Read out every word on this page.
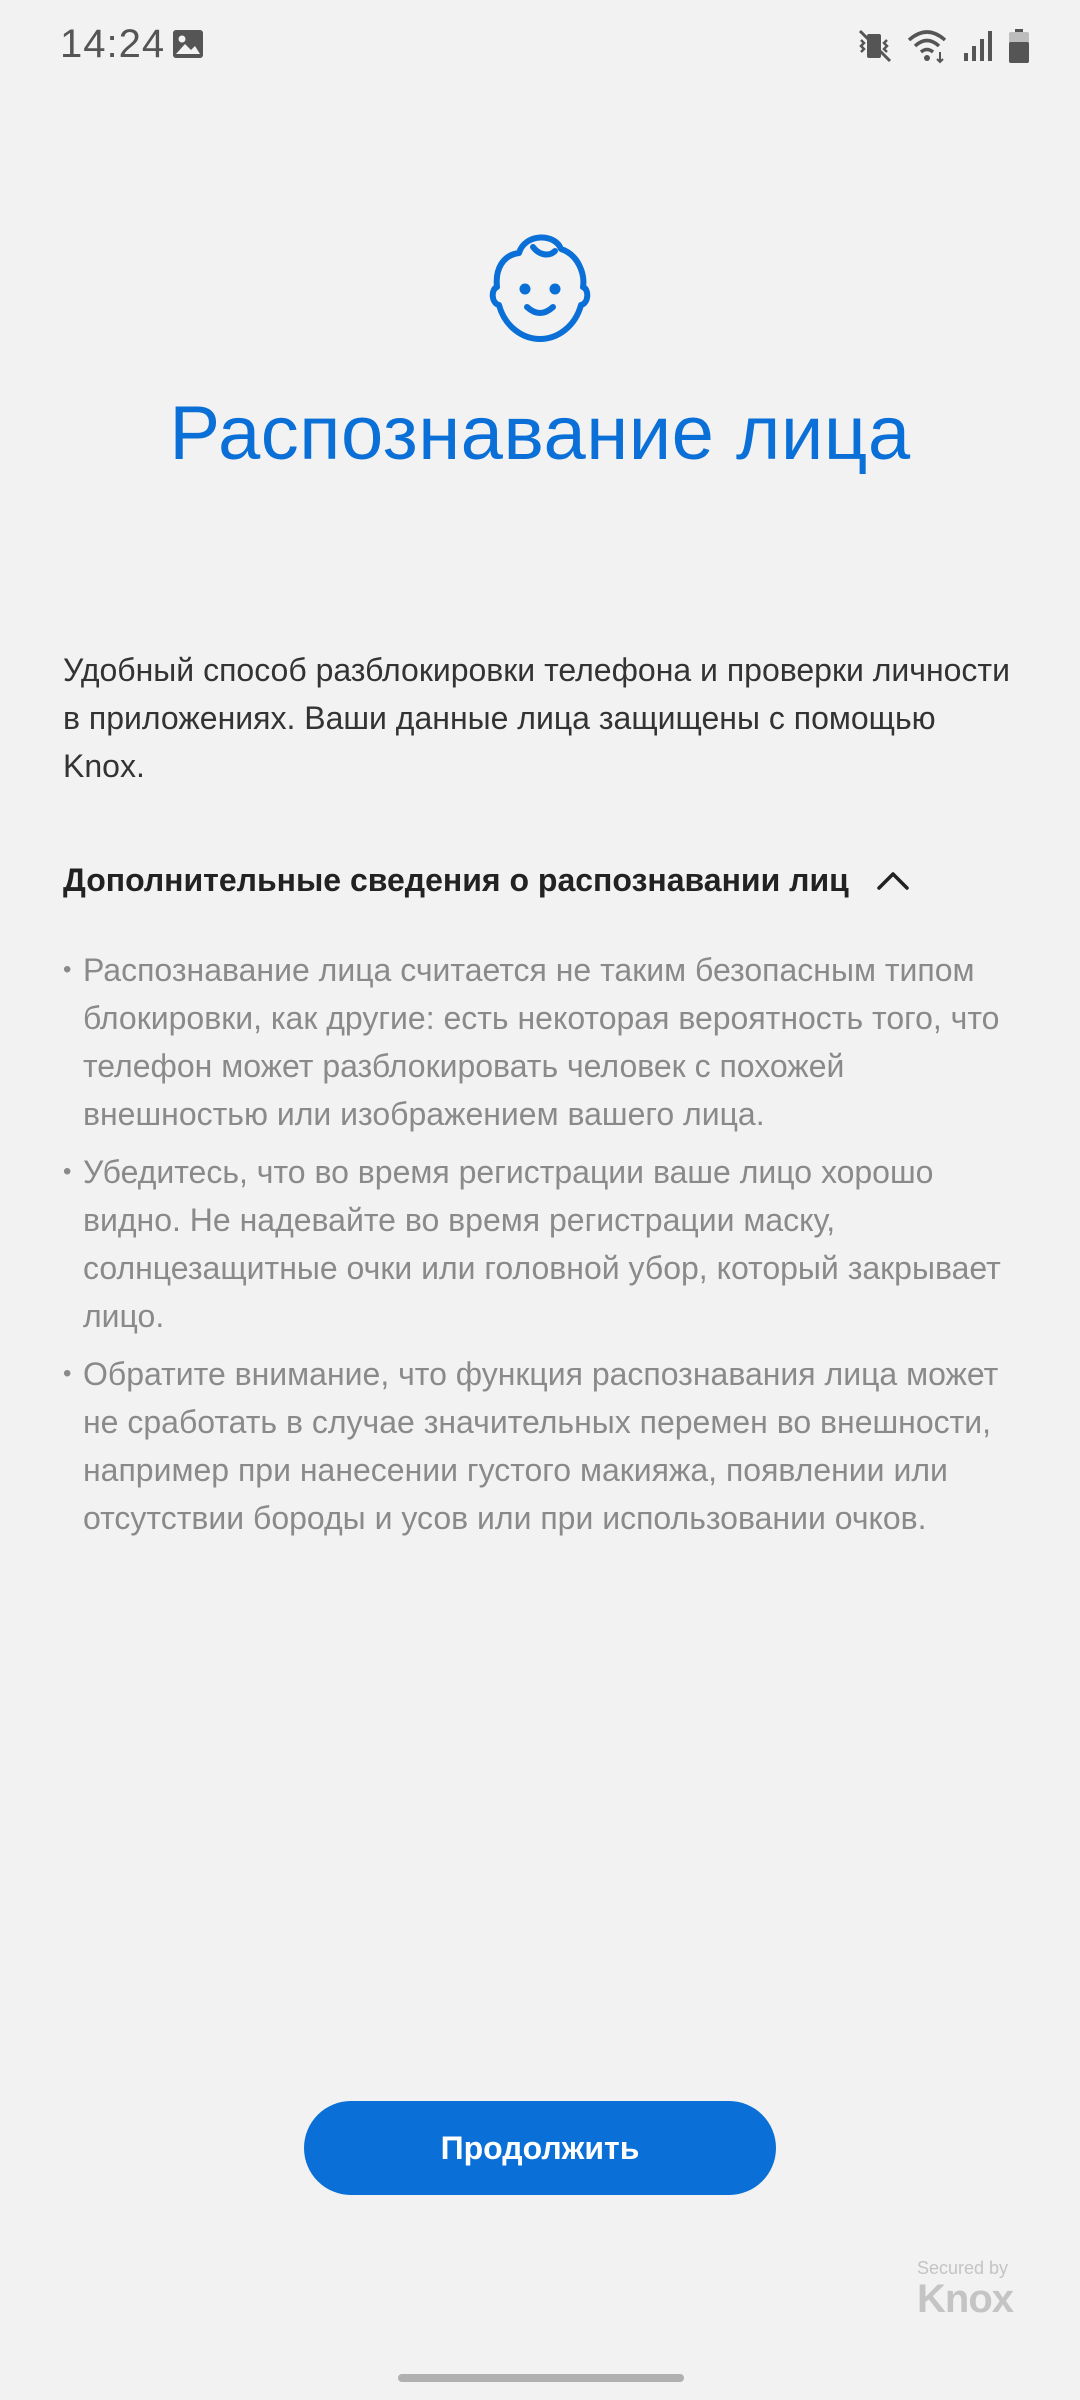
14:24
Распознавание лица

Удобный способ разблокировки телефона и проверки личности в приложениях. Ваши данные лица защищены с помощью Knox.

Дополнительные сведения о распознавании лиц
• Распознавание лица считается не таким безопасным типом блокировки, как другие: есть некоторая вероятность того, что телефон может разблокировать человек с похожей внешностью или изображением вашего лица.
• Убедитесь, что во время регистрации ваше лицо хорошо видно. Не надевайте во время регистрации маску, солнцезащитные очки или головной убор, который закрывает лицо.
• Обратите внимание, что функция распознавания лица может не сработать в случае значительных перемен во внешности, например при нанесении густого макияжа, появлении или отсутствии бороды и усов или при использовании очков.
Продолжить
Secured by
Knox
